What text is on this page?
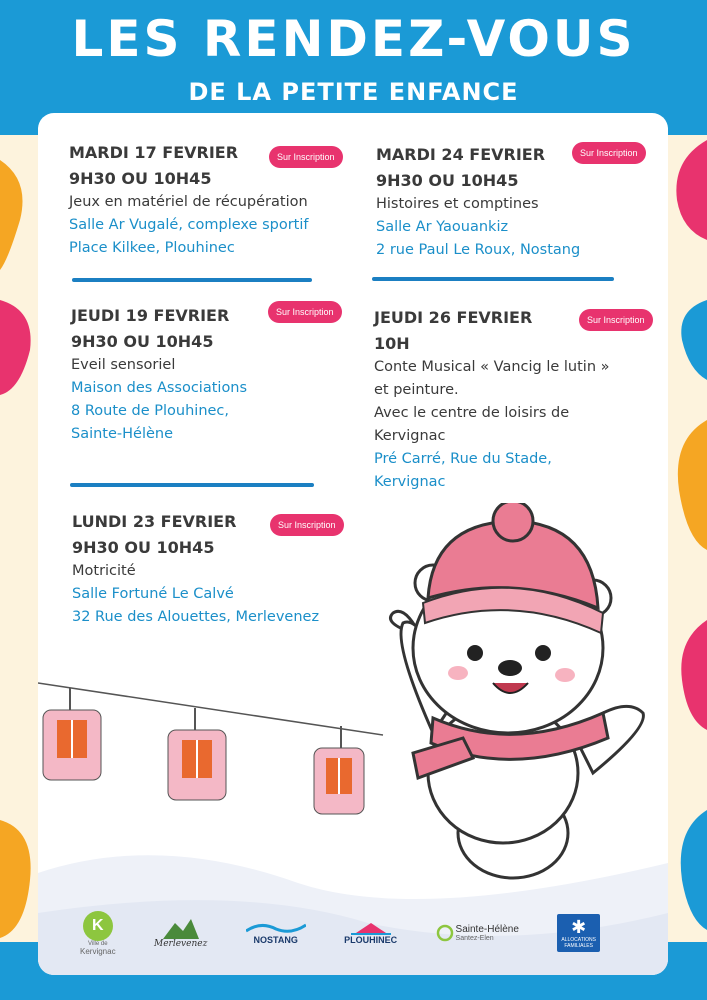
LES RENDEZ-VOUS
DE LA PETITE ENFANCE
MARDI 17 FEVRIER
9H30 OU 10H45
Jeux en matériel de récupération
Salle Ar Vugalé, complexe sportif
Place Kilkee, Plouhinec
Sur Inscription	MARDI 24 FEVRIER
9H30 OU 10H45
Histoires et comptines
Salle Ar Yaouankiz
2 rue Paul Le Roux, Nostang
Sur Inscription
JEUDI 19 FEVRIER
9H30 OU 10H45
Eveil sensoriel
Maison des Associations
8 Route de Plouhinec,
Sainte-Hélène
Sur Inscription	JEUDI 26 FEVRIER
10H
Conte Musical « Vancig le lutin »
et peinture.
Avec le centre de loisirs de
Kervignac
Pré Carré, Rue du Stade,
Kervignac
Sur Inscription
LUNDI 23 FEVRIER
9H30 OU 10H45
Motricité
Salle Fortuné Le Calvé
32 Rue des Alouettes, Merlevenez
Sur Inscription
K
Ville de
Kervignac
Merlevenez	NOSTANG	PLOUHINEC
Sainte-Hélène
Santez-Elen
✱
ALLOCATIONS
FAMILIALES
